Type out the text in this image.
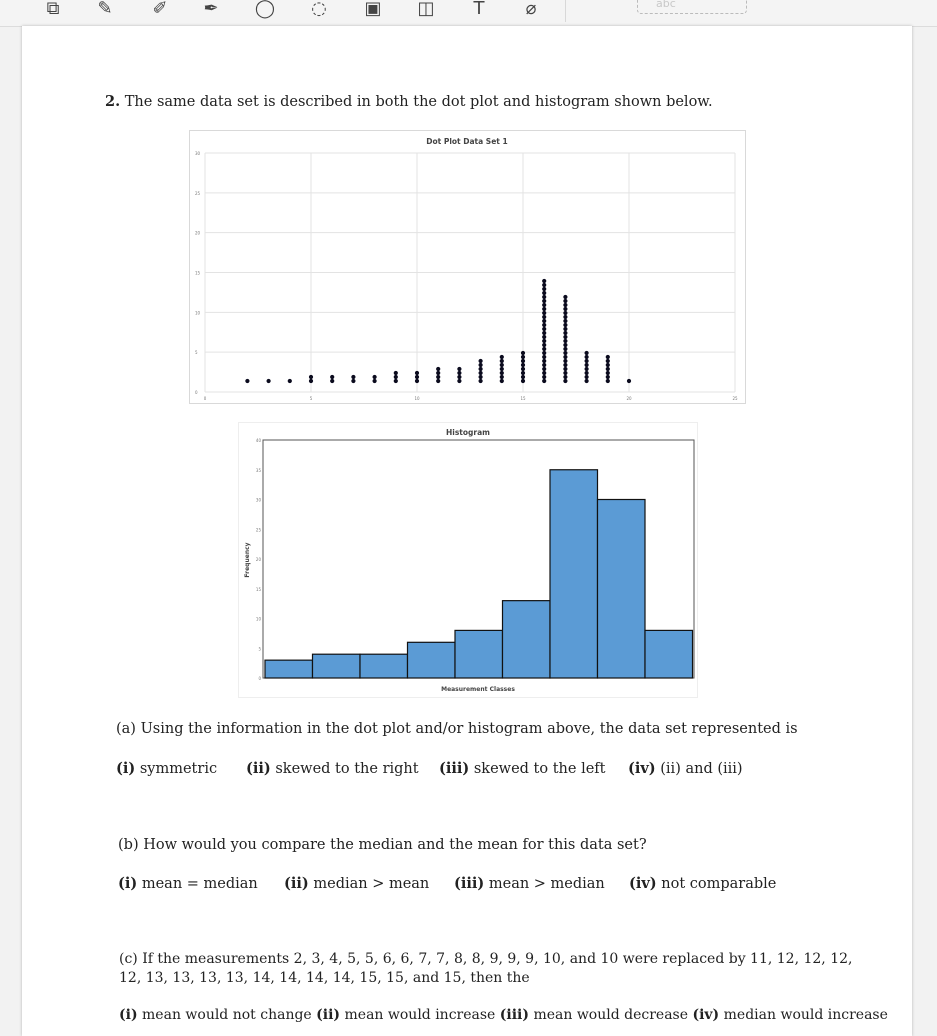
⧉	✎	✐	✒	◯ ◌ ▣ ◫	T	⌀	abc
2. The same data set is described in both the dot plot and histogram shown below.
Dot Plot Data Set 1
0
5
10
15
20
25
30
0	5	10	15	20	25
Histogram
Frequency
Measurement Classes
0
5
10
15
20
25
30
35
40
(a) Using the information in the dot plot and/or histogram above, the data set represented is
(i) symmetric (ii) skewed to the right (iii) skewed to the left (iv) (ii) and (iii)
(b) How would you compare the median and the mean for this data set?
(i) mean = median (ii) median > mean (iii) mean > median (iv) not comparable
(c) If the measurements 2, 3, 4, 5, 5, 6, 6, 7, 7, 8, 8, 9, 9, 9, 10, and 10 were replaced by 11, 12, 12, 12,
12, 13, 13, 13, 13, 14, 14, 14, 14, 15, 15, and 15, then the
(i) mean would not change (ii) mean would increase (iii) mean would decrease (iv) median would increase
